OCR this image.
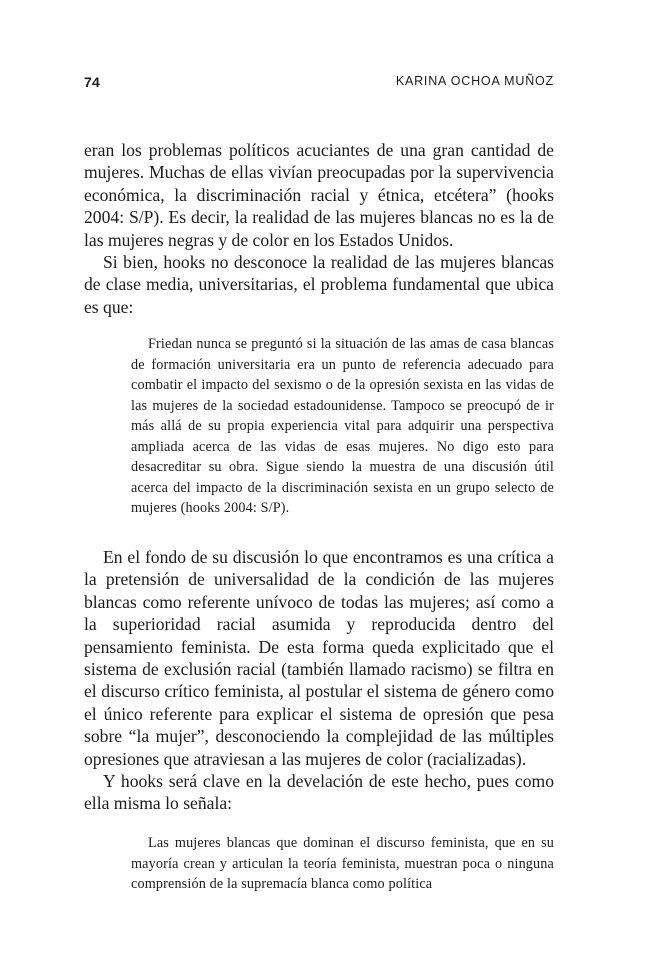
74	KARINA OCHOA MUÑOZ

eran los problemas políticos acuciantes de una gran cantidad de mujeres. Muchas de ellas vivían preocupadas por la supervivencia económica, la discriminación racial y étnica, etcétera” (hooks 2004: S/P). Es decir, la realidad de las mujeres blancas no es la de las mujeres negras y de color en los Estados Unidos.

Si bien, hooks no desconoce la realidad de las mujeres blancas de clase media, universitarias, el problema fundamental que ubica es que:

Friedan nunca se preguntó si la situación de las amas de casa blancas de formación universitaria era un punto de referencia adecuado para combatir el impacto del sexismo o de la opresión sexista en las vidas de las mujeres de la sociedad estadounidense. Tampoco se preocupó de ir más allá de su propia experiencia vital para adquirir una perspectiva ampliada acerca de las vidas de esas mujeres. No digo esto para desacreditar su obra. Sigue siendo la muestra de una discusión útil acerca del impacto de la discriminación sexista en un grupo selecto de mujeres (hooks 2004: S/P).

En el fondo de su discusión lo que encontramos es una crítica a la pretensión de universalidad de la condición de las mujeres blancas como referente unívoco de todas las mujeres; así como a la superioridad racial asumida y reproducida dentro del pensamiento feminista. De esta forma queda explicitado que el sistema de exclusión racial (también llamado racismo) se filtra en el discurso crítico feminista, al postular el sistema de género como el único referente para explicar el sistema de opresión que pesa sobre “la mujer”, desconociendo la complejidad de las múltiples opresiones que atraviesan a las mujeres de color (racializadas).

Y hooks será clave en la develación de este hecho, pues como ella misma lo señala:

Las mujeres blancas que dominan el discurso feminista, que en su mayoría crean y articulan la teoría feminista, muestran poca o ninguna comprensión de la supremacía blanca como política
